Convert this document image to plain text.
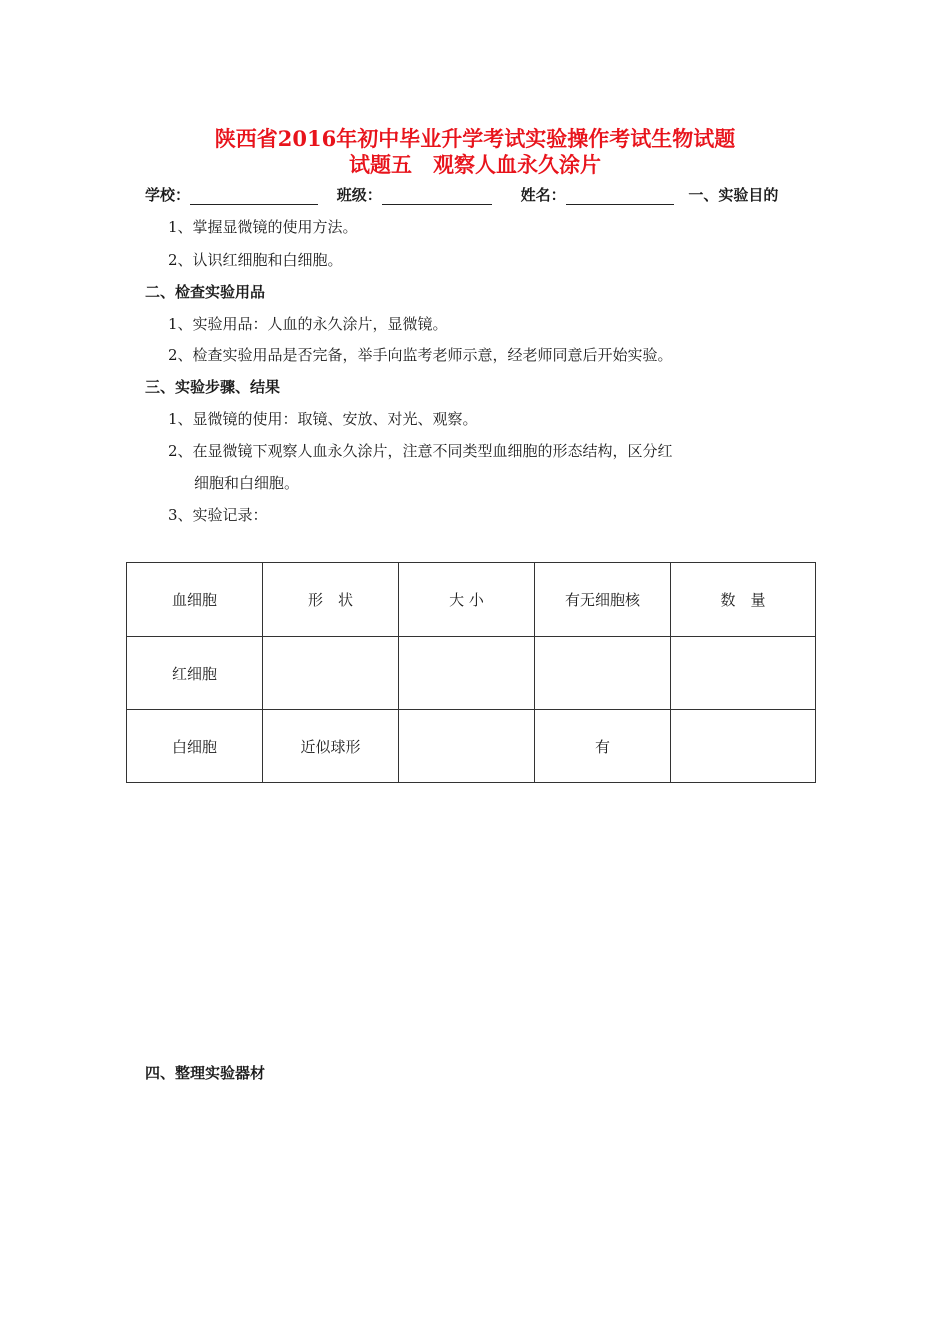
陕西省2016年初中毕业升学考试实验操作考试生物试题
试题五　观察人血永久涂片
学校：	班级：	姓名：	一、实验目的
1、掌握显微镜的使用方法。
2、认识红细胞和白细胞。
二、检查实验用品
1、实验用品：人血的永久涂片，显微镜。
2、检查实验用品是否完备，举手向监考老师示意，经老师同意后开始实验。
三、实验步骤、结果
1、显微镜的使用：取镜、安放、对光、观察。
2、在显微镜下观察人血永久涂片，注意不同类型血细胞的形态结构，区分红
细胞和白细胞。
3、实验记录：
血细胞	形　状	大 小	有无细胞核	数　量
红细胞				
白细胞	近似球形		有	
四、整理实验器材
